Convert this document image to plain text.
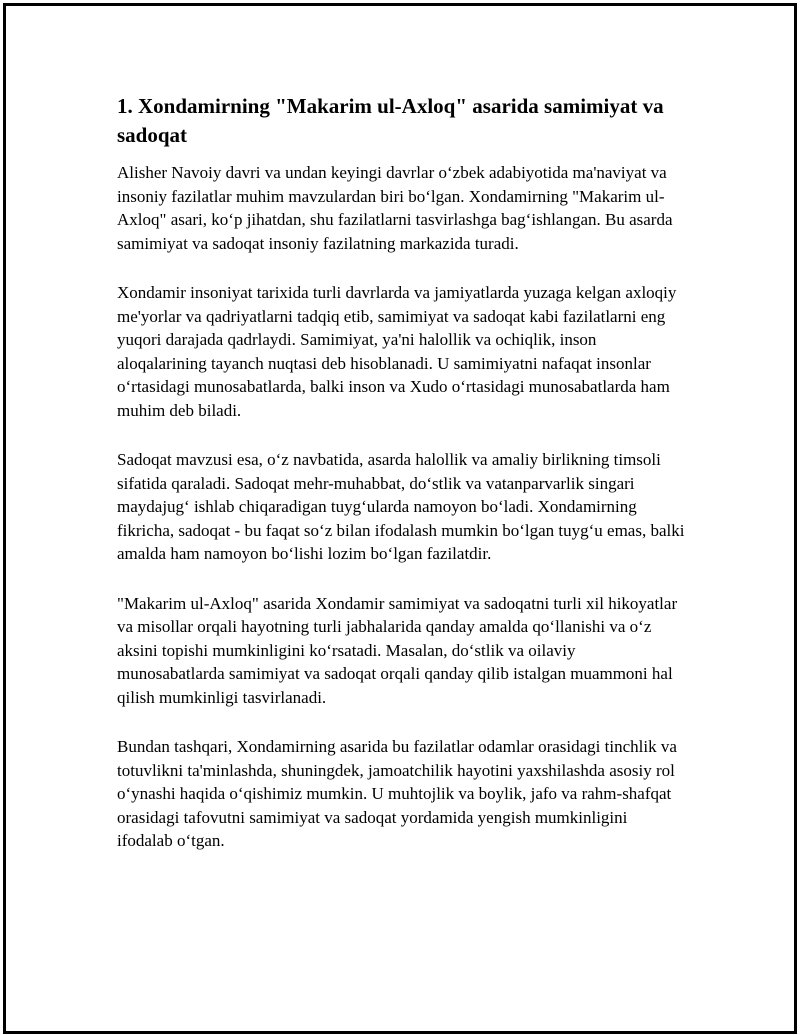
1. Xondamirning "Makarim ul-Axloq" asarida samimiyat va sadoqat

Alisher Navoiy davri va undan keyingi davrlar o‘zbek adabiyotida ma'naviyat va insoniy fazilatlar muhim mavzulardan biri bo‘lgan. Xondamirning "Makarim ul-Axloq" asari, ko‘p jihatdan, shu fazilatlarni tasvirlashga bag‘ishlangan. Bu asarda samimiyat va sadoqat insoniy fazilatning markazida turadi.

Xondamir insoniyat tarixida turli davrlarda va jamiyatlarda yuzaga kelgan axloqiy me'yorlar va qadriyatlarni tadqiq etib, samimiyat va sadoqat kabi fazilatlarni eng yuqori darajada qadrlaydi. Samimiyat, ya'ni halollik va ochiqlik, inson aloqalarining tayanch nuqtasi deb hisoblanadi. U samimiyatni nafaqat insonlar o‘rtasidagi munosabatlarda, balki inson va Xudo o‘rtasidagi munosabatlarda ham muhim deb biladi.

Sadoqat mavzusi esa, o‘z navbatida, asarda halollik va amaliy birlikning timsoli sifatida qaraladi. Sadoqat mehr-muhabbat, do‘stlik va vatanparvarlik singari maydajug‘ ishlab chiqaradigan tuyg‘ularda namoyon bo‘ladi. Xondamirning fikricha, sadoqat - bu faqat so‘z bilan ifodalash mumkin bo‘lgan tuyg‘u emas, balki amalda ham namoyon bo‘lishi lozim bo‘lgan fazilatdir.

"Makarim ul-Axloq" asarida Xondamir samimiyat va sadoqatni turli xil hikoyatlar va misollar orqali hayotning turli jabhalarida qanday amalda qo‘llanishi va o‘z aksini topishi mumkinligini ko‘rsatadi. Masalan, do‘stlik va oilaviy munosabatlarda samimiyat va sadoqat orqali qanday qilib istalgan muammoni hal qilish mumkinligi tasvirlanadi.

Bundan tashqari, Xondamirning asarida bu fazilatlar odamlar orasidagi tinchlik va totuvlikni ta'minlashda, shuningdek, jamoatchilik hayotini yaxshilashda asosiy rol o‘ynashi haqida o‘qishimiz mumkin. U muhtojlik va boylik, jafo va rahm-shafqat orasidagi tafovutni samimiyat va sadoqat yordamida yengish mumkinligini ifodalab o‘tgan.
